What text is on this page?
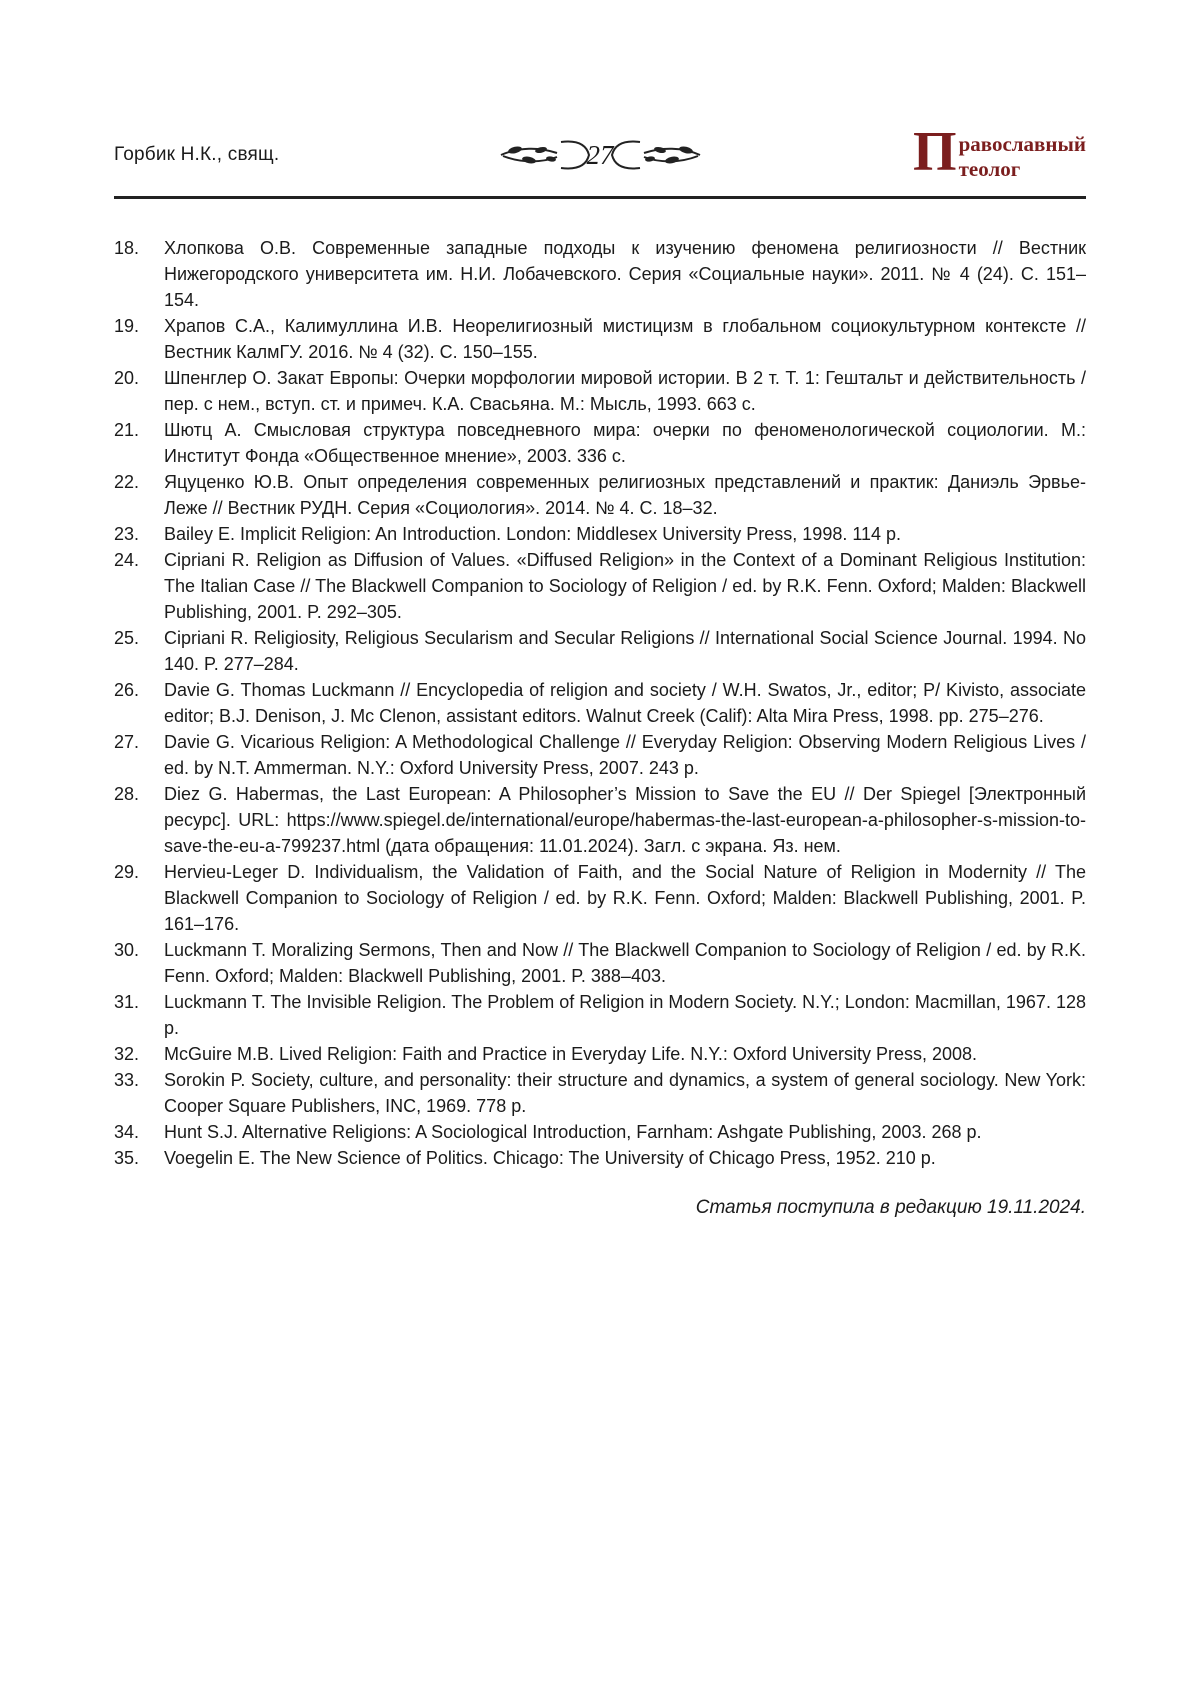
Горбик Н.К., свящ.	27	П равославный
теолог
18. Хлопкова О.В. Современные западные подходы к изучению феномена религиозности // Вестник Нижегородского университета им. Н.И. Лобачевского. Серия «Социальные науки». 2011. № 4 (24). С. 151–154.
19. Храпов С.А., Калимуллина И.В. Неорелигиозный мистицизм в глобальном социокультурном контексте // Вестник КалмГУ. 2016. № 4 (32). С. 150–155.
20. Шпенглер О. Закат Европы: Очерки морфологии мировой истории. В 2 т. Т. 1: Гештальт и действительность / пер. с нем., вступ. ст. и примеч. К.А. Свасьяна. М.: Мысль, 1993. 663 с.
21. Шютц А. Смысловая структура повседневного мира: очерки по феноменологической социологии. М.: Институт Фонда «Общественное мнение», 2003. 336 с.
22. Яцуценко Ю.В. Опыт определения современных религиозных представлений и практик: Даниэль Эрвье-Леже // Вестник РУДН. Серия «Социология». 2014. № 4. С. 18–32.
23. Bailey E. Implicit Religion: An Introduction. London: Middlesex University Press, 1998. 114 p.
24. Cipriani R. Religion as Diffusion of Values. «Diffused Religion» in the Context of a Dominant Religious Institution: The Italian Case // The Blackwell Companion to Sociology of Religion / ed. by R.K. Fenn. Oxford; Malden: Blackwell Publishing, 2001. P. 292–305.
25. Cipriani R. Religiosity, Religious Secularism and Secular Religions // International Social Science Journal. 1994. No 140. P. 277–284.
26. Davie G. Thomas Luckmann // Encyclopedia of religion and society / W.H. Swatos, Jr., editor; P/ Kivisto, associate editor; B.J. Denison, J. Mc Clenon, assistant editors. Walnut Creek (Calif): Alta Mira Press, 1998. pp. 275–276.
27. Davie G. Vicarious Religion: A Methodological Challenge // Everyday Religion: Observing Modern Religious Lives / ed. by N.T. Ammerman. N.Y.: Oxford University Press, 2007. 243 p.
28. Diez G. Habermas, the Last European: A Philosopher’s Mission to Save the EU // Der Spiegel [Электронный ресурс]. URL: https://www.spiegel.de/international/europe/habermas-the-last-european-a-philosopher-s-mission-to-save-the-eu-a-799237.html (дата обращения: 11.01.2024). Загл. с экрана. Яз. нем.
29. Hervieu-Leger D. Individualism, the Validation of Faith, and the Social Nature of Religion in Modernity // The Blackwell Companion to Sociology of Religion / ed. by R.K. Fenn. Oxford; Malden: Blackwell Publishing, 2001. P. 161–176.
30. Luckmann T. Moralizing Sermons, Then and Now // The Blackwell Companion to Sociology of Religion / ed. by R.K. Fenn. Oxford; Malden: Blackwell Publishing, 2001. P. 388–403.
31. Luckmann T. The Invisible Religion. The Problem of Religion in Modern Society. N.Y.; London: Macmillan, 1967. 128 p.
32. McGuire M.B. Lived Religion: Faith and Practice in Everyday Life. N.Y.: Oxford University Press, 2008.
33. Sorokin P. Society, culture, and personality: their structure and dynamics, a system of general sociology. New York: Cooper Square Publishers, INC, 1969. 778 p.
34. Hunt S.J. Alternative Religions: A Sociological Introduction, Farnham: Ashgate Publishing, 2003. 268 p.
35. Voegelin E. The New Science of Politics. Chicago: The University of Chicago Press, 1952. 210 p.
Статья поступила в редакцию 19.11.2024.
